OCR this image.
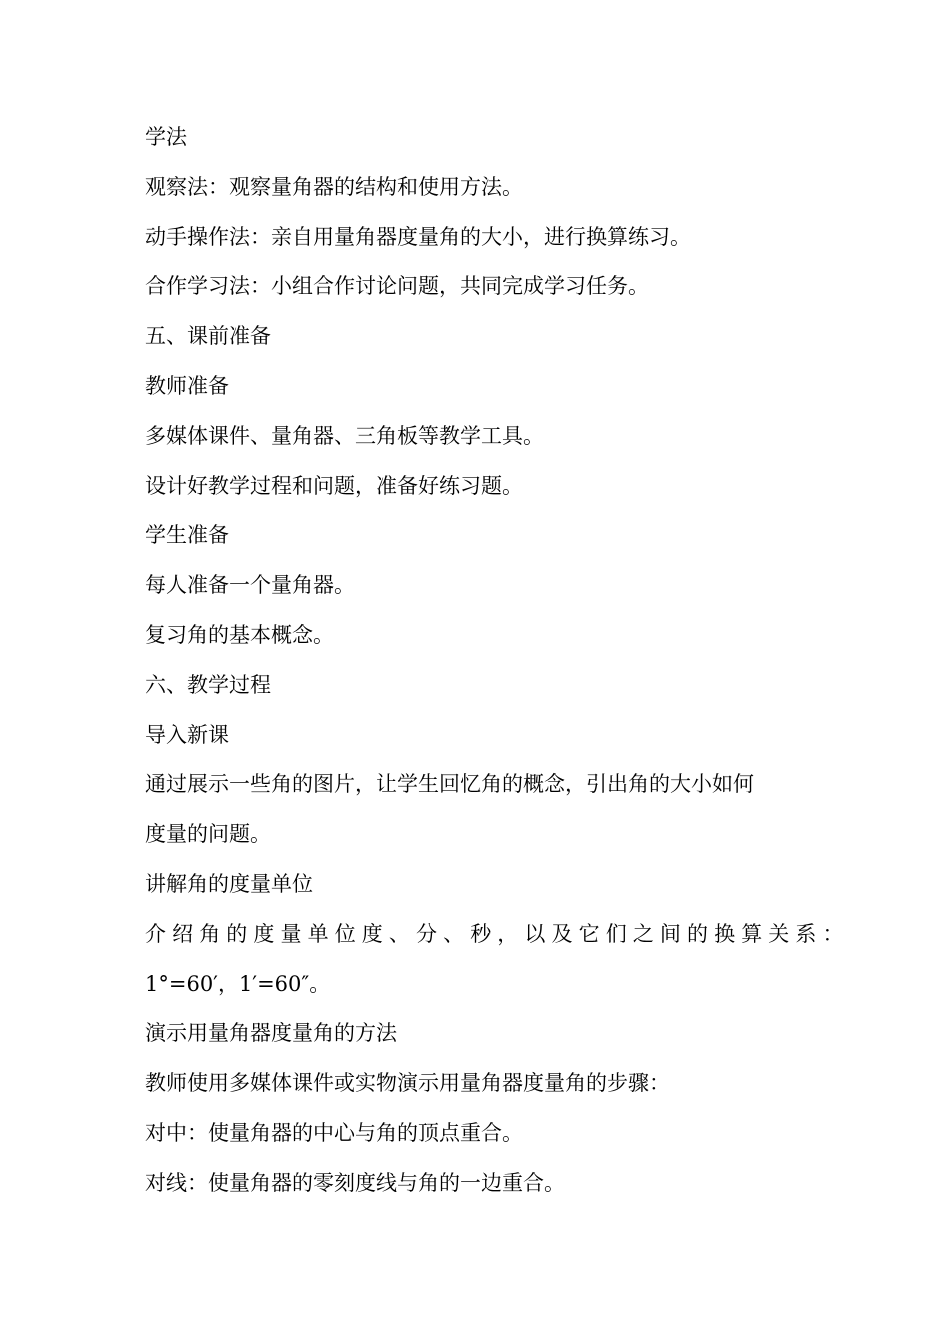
学法
观察法：观察量角器的结构和使用方法。
动手操作法：亲自用量角器度量角的大小，进行换算练习。
合作学习法：小组合作讨论问题，共同完成学习任务。
五、课前准备
教师准备
多媒体课件、量角器、三角板等教学工具。
设计好教学过程和问题，准备好练习题。
学生准备
每人准备一个量角器。
复习角的基本概念。
六、教学过程
导入新课
通过展示一些角的图片，让学生回忆角的概念，引出角的大小如何
度量的问题。
讲解角的度量单位
介绍角的度量单位度、分、秒，以及它们之间的换算关系：
1°=60′，1′=60″。
演示用量角器度量角的方法
教师使用多媒体课件或实物演示用量角器度量角的步骤：
对中：使量角器的中心与角的顶点重合。
对线：使量角器的零刻度线与角的一边重合。
